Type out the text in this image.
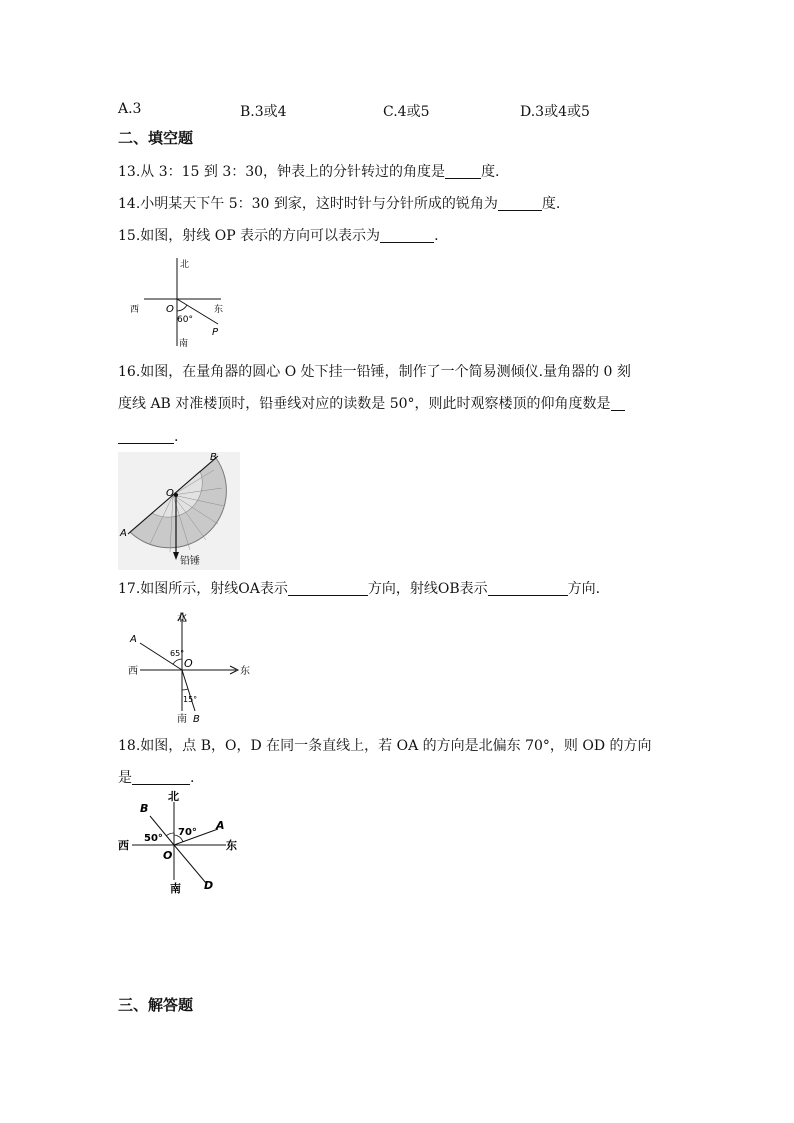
A.3	B.3或4	C.4或5	D.3或4或5
二、填空题
13.从 3：15 到 3：30，钟表上的分针转过的角度是	度.
14.小明某天下午 5：30 到家，这时时针与分针所成的锐角为	度.
15.如图，射线 OP 表示的方向可以表示为	.
北
西	东
南
O
P
60°
16.如图，在量角器的圆心 O 处下挂一铅锤，制作了一个简易测倾仪.量角器的 0 刻
度线 AB 对准楼顶时，铅垂线对应的读数是 50°，则此时观察楼顶的仰角度数是
.
A
B
O
铅锤
17.如图所示，射线OA表示	方向，射线OB表示	方向.
北
A
65°
O
西	东
15°
南 B
18.如图，点 B，O，D 在同一条直线上，若 OA 的方向是北偏东 70°，则 OD 的方向
是	.
北
B
50°
70°
A
西	东
O
南 D
三、解答题
